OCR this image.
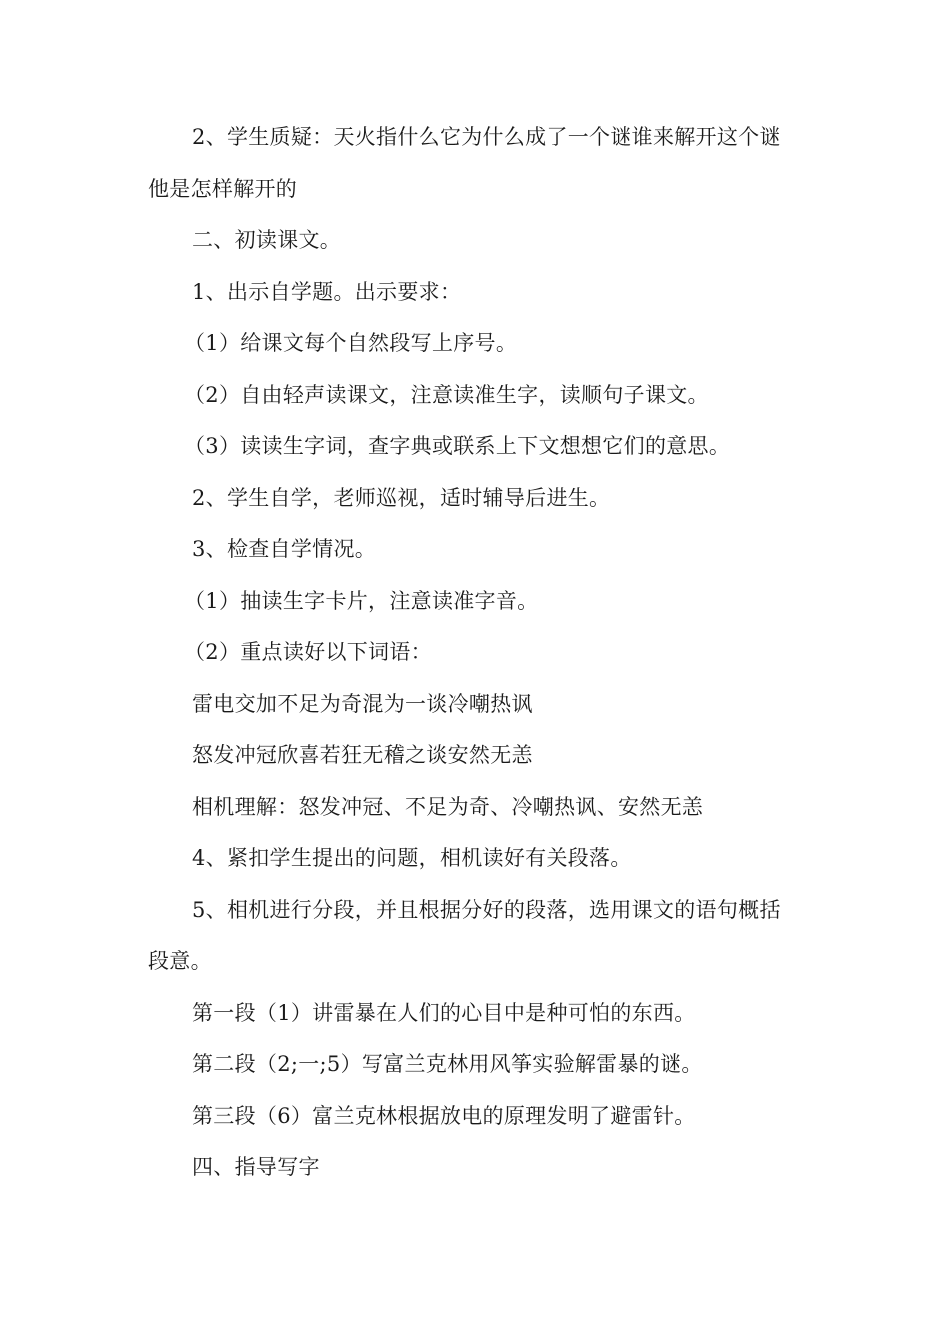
2、学生质疑：天火指什么它为什么成了一个谜谁来解开这个谜他是怎样解开的
二、初读课文。
1、出示自学题。出示要求：
（1）给课文每个自然段写上序号。
（2）自由轻声读课文，注意读准生字，读顺句子课文。
（3）读读生字词，查字典或联系上下文想想它们的意思。
2、学生自学，老师巡视，适时辅导后进生。
3、检查自学情况。
（1）抽读生字卡片，注意读准字音。
（2）重点读好以下词语：
雷电交加不足为奇混为一谈冷嘲热讽
怒发冲冠欣喜若狂无稽之谈安然无恙
相机理解：怒发冲冠、不足为奇、冷嘲热讽、安然无恙
4、紧扣学生提出的问题，相机读好有关段落。
5、相机进行分段，并且根据分好的段落，选用课文的语句概括段意。
第一段（1）讲雷暴在人们的心目中是种可怕的东西。
第二段（2;一;5）写富兰克林用风筝实验解雷暴的谜。
第三段（6）富兰克林根据放电的原理发明了避雷针。
四、指导写字
